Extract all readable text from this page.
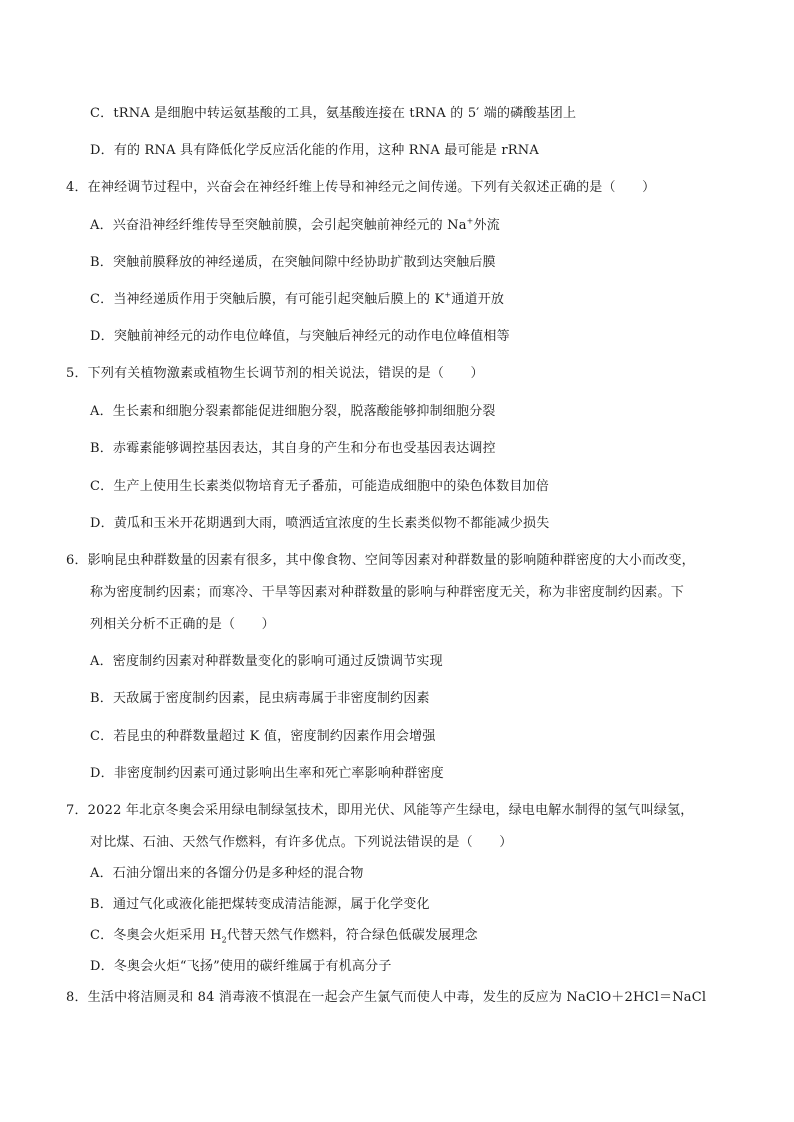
C．tRNA 是细胞中转运氨基酸的工具，氨基酸连接在 tRNA 的 5′ 端的磷酸基团上
D．有的 RNA 具有降低化学反应活化能的作用，这种 RNA 最可能是 rRNA
4．在神经调节过程中，兴奋会在神经纤维上传导和神经元之间传递。下列有关叙述正确的是（　　）
A．兴奋沿神经纤维传导至突触前膜，会引起突触前神经元的 Na+外流
B．突触前膜释放的神经递质，在突触间隙中经协助扩散到达突触后膜
C．当神经递质作用于突触后膜，有可能引起突触后膜上的 K+通道开放
D．突触前神经元的动作电位峰值，与突触后神经元的动作电位峰值相等
5．下列有关植物激素或植物生长调节剂的相关说法，错误的是（　　）
A．生长素和细胞分裂素都能促进细胞分裂，脱落酸能够抑制细胞分裂
B．赤霉素能够调控基因表达，其自身的产生和分布也受基因表达调控
C．生产上使用生长素类似物培育无子番茄，可能造成细胞中的染色体数目加倍
D．黄瓜和玉米开花期遇到大雨，喷洒适宜浓度的生长素类似物不都能减少损失
6．影响昆虫种群数量的因素有很多，其中像食物、空间等因素对种群数量的影响随种群密度的大小而改变，
称为密度制约因素；而寒冷、干旱等因素对种群数量的影响与种群密度无关，称为非密度制约因素。下
列相关分析不正确的是（　　）
A．密度制约因素对种群数量变化的影响可通过反馈调节实现
B．天敌属于密度制约因素，昆虫病毒属于非密度制约因素
C．若昆虫的种群数量超过 K 值，密度制约因素作用会增强
D．非密度制约因素可通过影响出生率和死亡率影响种群密度
7．2022 年北京冬奥会采用绿电制绿氢技术，即用光伏、风能等产生绿电，绿电电解水制得的氢气叫绿氢，
对比煤、石油、天然气作燃料，有许多优点。下列说法错误的是（　　）
A．石油分馏出来的各馏分仍是多种烃的混合物
B．通过气化或液化能把煤转变成清洁能源，属于化学变化
C．冬奥会火炬采用 $H_2$代替天然气作燃料，符合绿色低碳发展理念
D．冬奥会火炬“飞扬”使用的碳纤维属于有机高分子
8．生活中将洁厕灵和 84 消毒液不慎混在一起会产生氯气而使人中毒，发生的反应为 NaClO＋2HCl＝NaCl
